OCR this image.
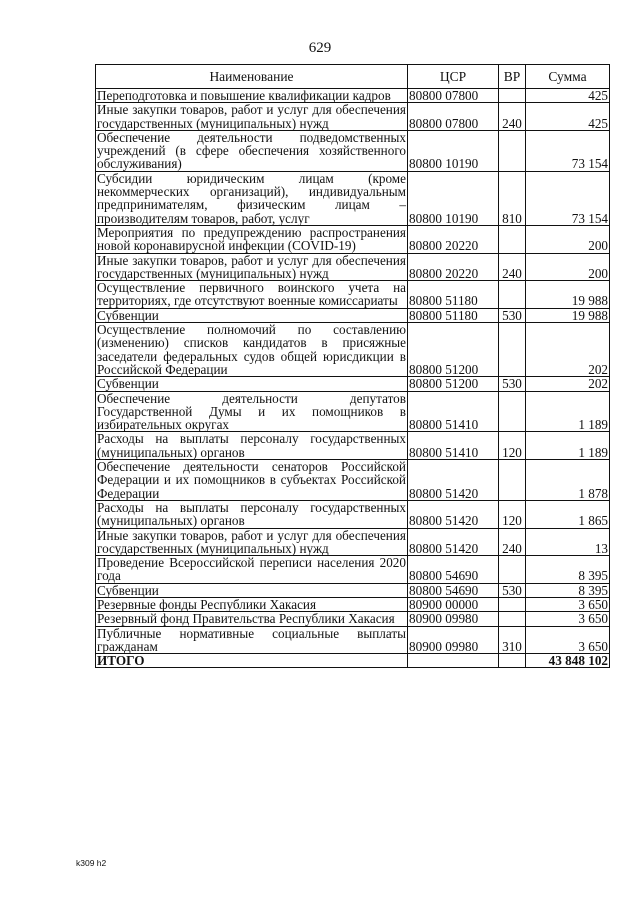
629
Наименование	ЦСР	ВР	Сумма
Переподготовка и повышение квалификации кадров	80800 07800		425
Иные закупки товаров, работ и услуг для обеспечения государственных (муниципальных) нужд	80800 07800	240	425
Обеспечение деятельности подведомственных учреждений (в сфере обеспечения хозяйственного обслуживания)	80800 10190		73 154
Субсидии юридическим лицам (кроме некоммерческих организаций), индивидуальным предпринимателям, физическим лицам – производителям товаров, работ, услуг	80800 10190	810	73 154
Мероприятия по предупреждению распространения новой коронавирусной инфекции (COVID-19)	80800 20220		200
Иные закупки товаров, работ и услуг для обеспечения государственных (муниципальных) нужд	80800 20220	240	200
Осуществление первичного воинского учета на территориях, где отсутствуют военные комиссариаты	80800 51180		19 988
Субвенции	80800 51180	530	19 988
Осуществление полномочий по составлению (изменению) списков кандидатов в присяжные заседатели федеральных судов общей юрисдикции в Российской Федерации	80800 51200		202
Субвенции	80800 51200	530	202
Обеспечение деятельности депутатов Государственной Думы и их помощников в избирательных округах	80800 51410		1 189
Расходы на выплаты персоналу государственных (муниципальных) органов	80800 51410	120	1 189
Обеспечение деятельности сенаторов Российской Федерации и их помощников в субъектах Российской Федерации	80800 51420		1 878
Расходы на выплаты персоналу государственных (муниципальных) органов	80800 51420	120	1 865
Иные закупки товаров, работ и услуг для обеспечения государственных (муниципальных) нужд	80800 51420	240	13
Проведение Всероссийской переписи населения 2020 года	80800 54690		8 395
Субвенции	80800 54690	530	8 395
Резервные фонды Республики Хакасия	80900 00000		3 650
Резервный фонд Правительства Республики Хакасия	80900 09980		3 650
Публичные нормативные социальные выплаты гражданам	80900 09980	310	3 650
ИТОГО			43 848 102
k309 h2
